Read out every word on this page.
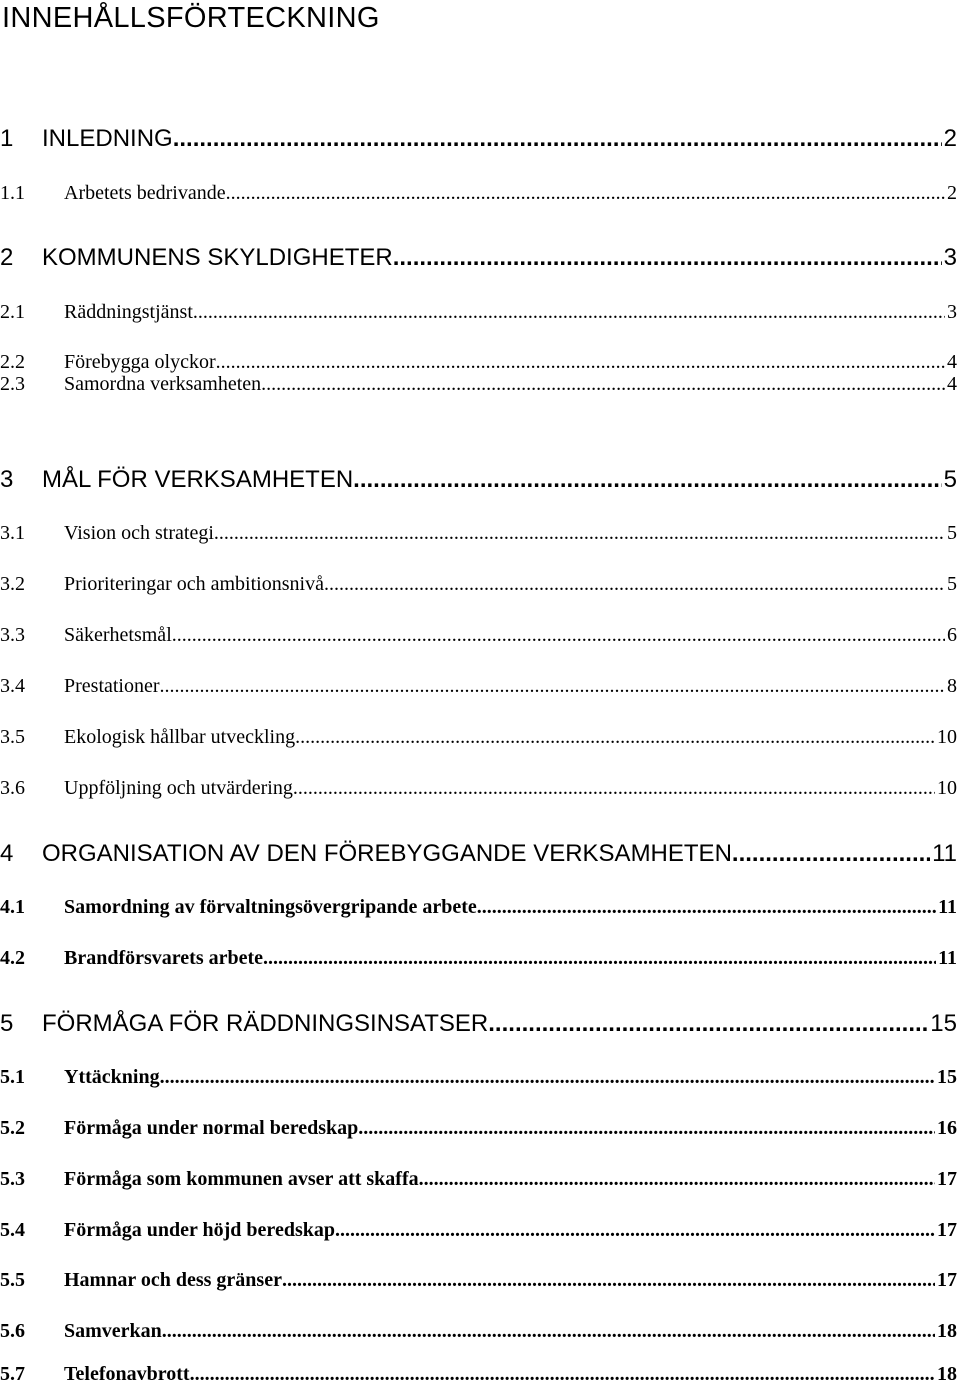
INNEHÅLLSFÖRTECKNING
1	INLEDNING .....	2
1.1	Arbetets bedrivande .....	2
2	KOMMUNENS SKYLDIGHETER .....	3
2.1	Räddningstjänst .....	3
2.2	Förebygga olyckor .....	4
2.3	Samordna verksamheten .....	4
3	MÅL FÖR VERKSAMHETEN .....	5
3.1	Vision och strategi .....	5
3.2	Prioriteringar och ambitionsnivå .....	5
3.3	Säkerhetsmål .....	6
3.4	Prestationer .....	8
3.5	Ekologisk hållbar utveckling .....	10
3.6	Uppföljning och utvärdering .....	10
4	ORGANISATION AV DEN FÖREBYGGANDE VERKSAMHETEN .....	11
4.1	Samordning av förvaltningsövergripande arbete .....	11
4.2	Brandförsvarets arbete .....	11
5	FÖRMÅGA FÖR RÄDDNINGSINSATSER .....	15
5.1	Yttäckning .....	15
5.2	Förmåga under normal beredskap .....	16
5.3	Förmåga som kommunen avser att skaffa .....	17
5.4	Förmåga under höjd beredskap .....	17
5.5	Hamnar och dess gränser .....	17
5.6	Samverkan .....	18
5.7	Telefonavbrott .....	18
